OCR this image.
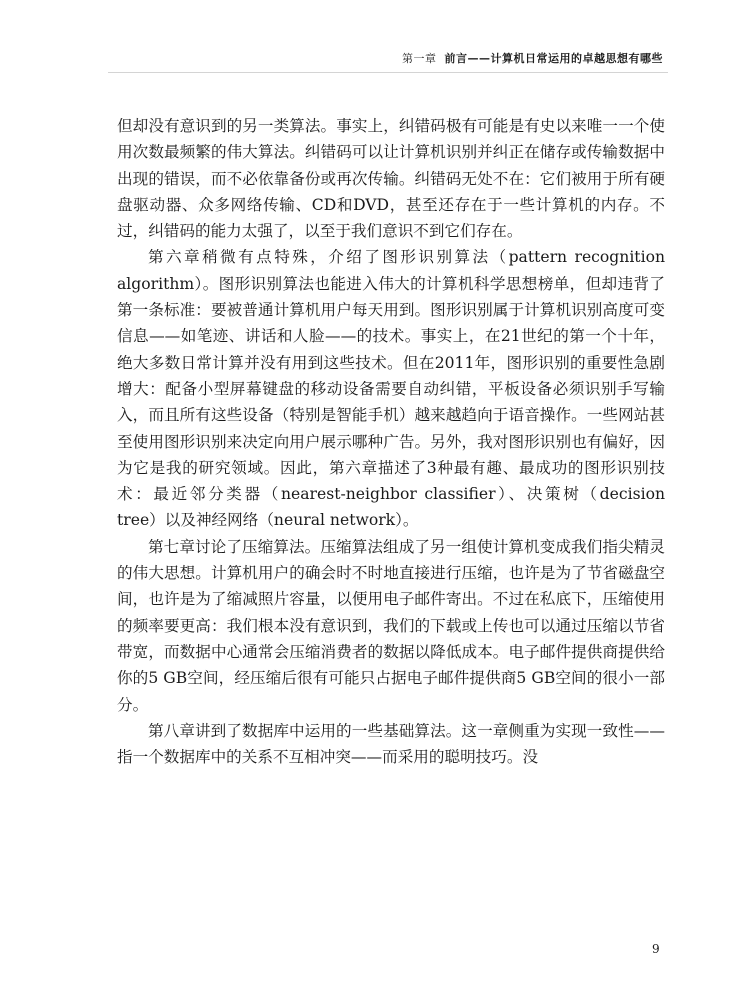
第一章 前言——计算机日常运用的卓越思想有哪些

但却没有意识到的另一类算法。事实上，纠错码极有可能是有史以来唯一一个使用次数最频繁的伟大算法。纠错码可以让计算机识别并纠正在储存或传输数据中出现的错误，而不必依靠备份或再次传输。纠错码无处不在：它们被用于所有硬盘驱动器、众多网络传输、CD和DVD，甚至还存在于一些计算机的内存。不过，纠错码的能力太强了，以至于我们意识不到它们存在。

第六章稍微有点特殊，介绍了图形识别算法（pattern recognition algorithm）。图形识别算法也能进入伟大的计算机科学思想榜单，但却违背了第一条标准：要被普通计算机用户每天用到。图形识别属于计算机识别高度可变信息——如笔迹、讲话和人脸——的技术。事实上，在21世纪的第一个十年，绝大多数日常计算并没有用到这些技术。但在2011年，图形识别的重要性急剧增大：配备小型屏幕键盘的移动设备需要自动纠错，平板设备必须识别手写输入，而且所有这些设备（特别是智能手机）越来越趋向于语音操作。一些网站甚至使用图形识别来决定向用户展示哪种广告。另外，我对图形识别也有偏好，因为它是我的研究领域。因此，第六章描述了3种最有趣、最成功的图形识别技术：最近邻分类器（nearest-neighbor classifier）、决策树（decision tree）以及神经网络（neural network）。

第七章讨论了压缩算法。压缩算法组成了另一组使计算机变成我们指尖精灵的伟大思想。计算机用户的确会时不时地直接进行压缩，也许是为了节省磁盘空间，也许是为了缩减照片容量，以便用电子邮件寄出。不过在私底下，压缩使用的频率要更高：我们根本没有意识到，我们的下载或上传也可以通过压缩以节省带宽，而数据中心通常会压缩消费者的数据以降低成本。电子邮件提供商提供给你的5 GB空间，经压缩后很有可能只占据电子邮件提供商5 GB空间的很小一部分。

第八章讲到了数据库中运用的一些基础算法。这一章侧重为实现一致性——指一个数据库中的关系不互相冲突——而采用的聪明技巧。没

9
